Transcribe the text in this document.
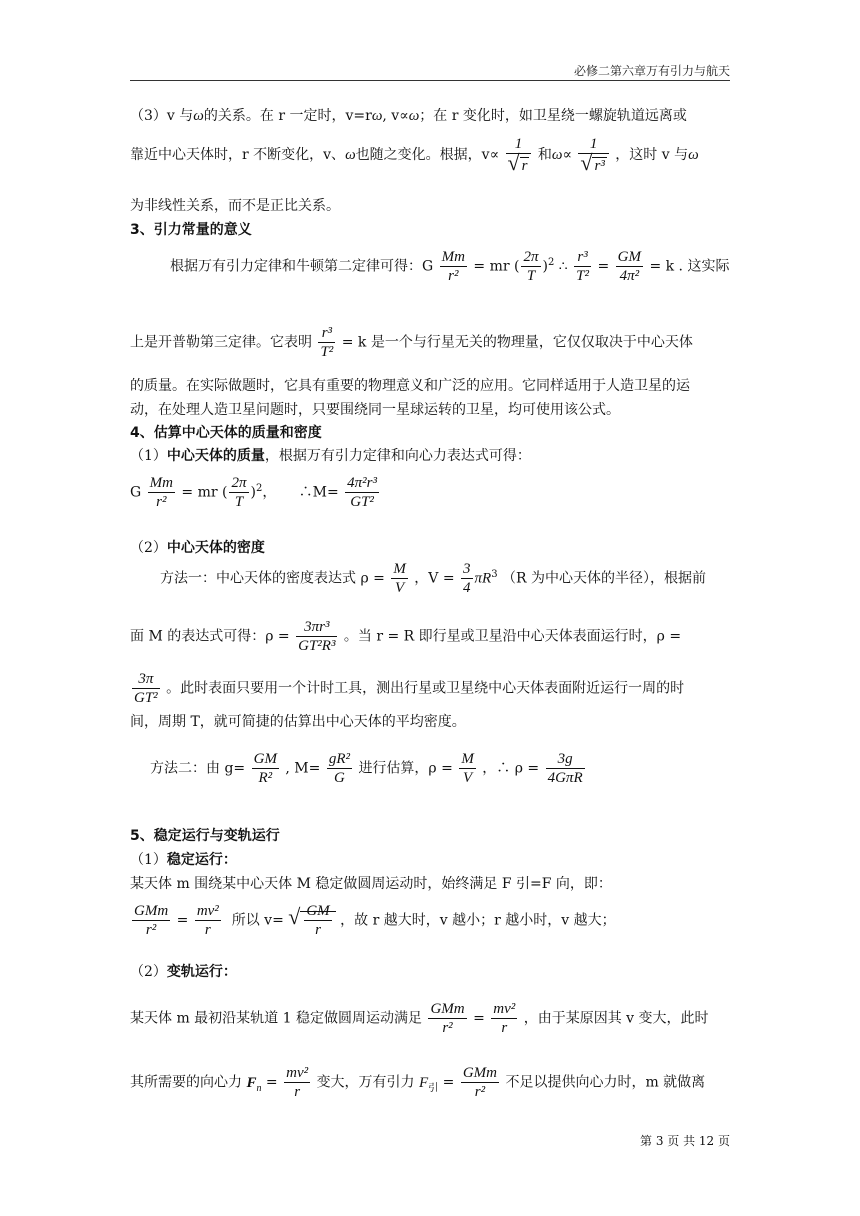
必修二第六章万有引力与航天
（3）v 与ω的关系。在 r 一定时，v=rω, v∝ω；在 r 变化时，如卫星绕一螺旋轨道远离或
靠近中心天体时，r 不断变化，v、ω也随之变化。根据，$v\propto \frac{1}{√ r}$ 和$\omega\propto \frac{1}{\text{√ r³}}$ ，这时 v 与ω
为非线性关系，而不是正比关系。
3、引力常量的意义
根据万有引力定律和牛顿第二定律可得：G $\frac{Mm}{\text{r²}}$ = mr ( $\frac{2\pi}{T} )^2$ ∴ $\frac{\text{r³}}{\text{T²}} = \frac{GM}{\text{4π²}} = k$ . 这实际
上是开普勒第三定律。它表明 $\frac{\text{r³}}{\text{T²}} = k$ 是一个与行星无关的物理量，它仅仅取决于中心天体
的质量。在实际做题时，它具有重要的物理意义和广泛的应用。它同样适用于人造卫星的运
动，在处理人造卫星问题时，只要围绕同一星球运转的卫星，均可使用该公式。
4、估算中心天体的质量和密度
（1）中心天体的质量，根据万有引力定律和向心力表达式可得：
G $\frac{Mm}{\text{r²}}$ = mr ( $\frac{2\pi}{T} )^2$， ∴M= $\frac{\text{4π²r³}}{\text{GT²}}$
（2）中心天体的密度
方法一：中心天体的密度表达式 $\rho = \frac{M}{V}$ ，$V = \frac{3}{4} \pi R^3$ （R 为中心天体的半径），根据前
面 M 的表达式可得：$\rho = \frac{\text{3πr³}}{\text{GT²R³}}$ 。当 r = R 即行星或卫星沿中心天体表面运行时，ρ =
$\frac{3\pi}{\text{GT²}}$ 。此时表面只要用一个计时工具，测出行星或卫星绕中心天体表面附近运行一周的时
间，周期 T，就可简捷的估算出中心天体的平均密度。
方法二：由 $g= \frac{GM}{\text{R²}}$ , $M= \frac{\text{gR²}}{G}$ 进行估算，$\rho = \frac{M}{V}$ ，∴ ρ =
3g
4GπR
5、稳定运行与变轨运行
（1）稳定运行：
某天体 m 围绕某中心天体 M 稳定做圆周运动时，始终满足 F 引=F 向，即：
GMm
r²
= $\frac{\text{mv²}}{r}$ 所以 v= √ $\frac{GM}{r}$ ，故 r 越大时，v 越小；r 越小时，v 越大；
（2）变轨运行：
某天体 m 最初沿某轨道 1 稳定做圆周运动满足
GMm
r²
= $\frac{\text{mv²}}{r}$ ，由于某原因其 v 变大，此时
其所需要的向心力 $F_n = \frac{\text{mv²}}{r}$ 变大，万有引力 $F_引$ =
GMm
r²
不足以提供向心力时，m 就做离
第 3 页 共 12 页
